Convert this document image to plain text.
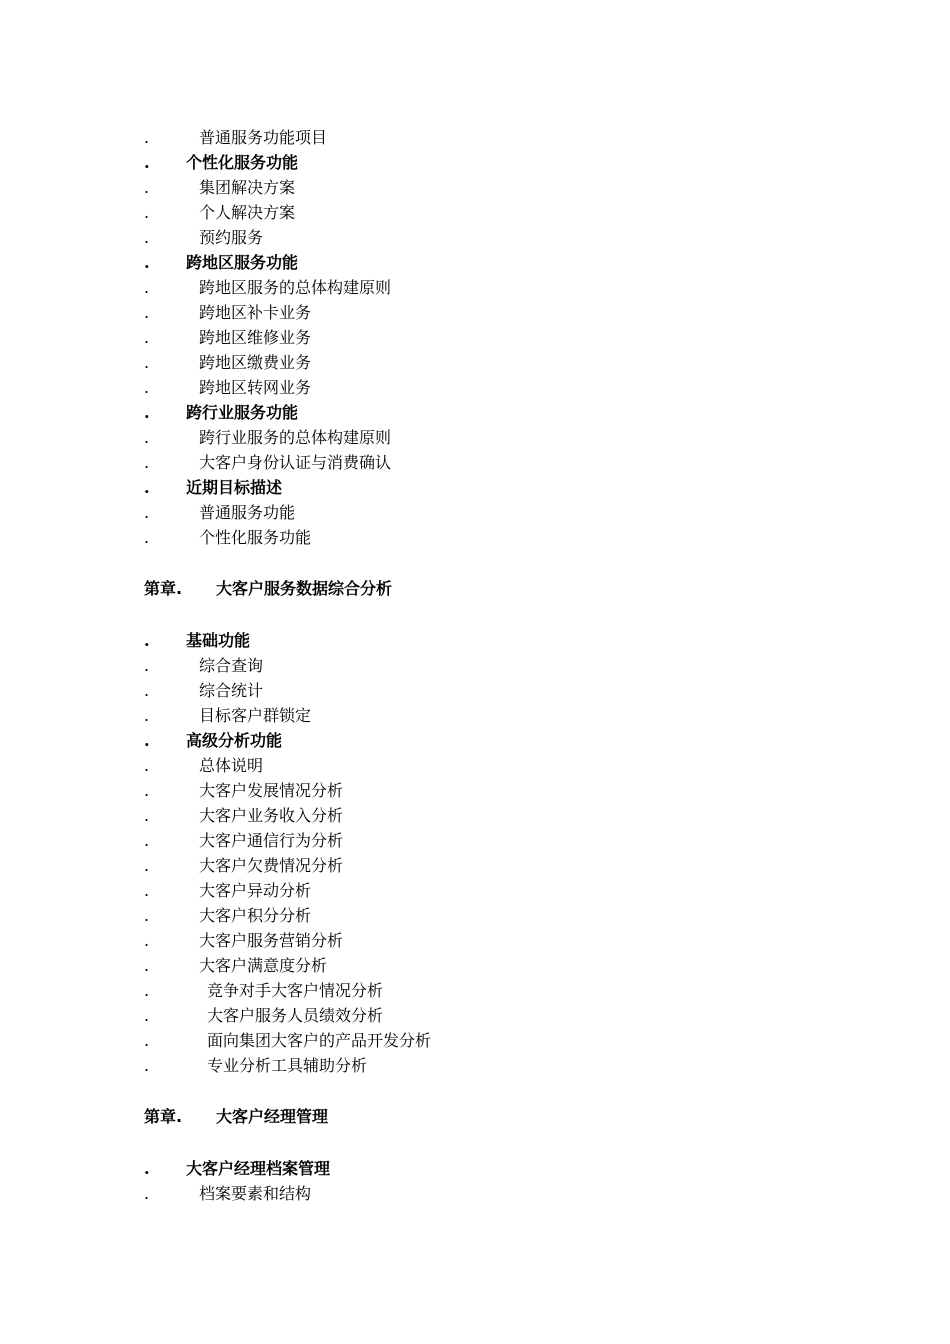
.	普通服务功能项目
. 个性化服务功能
.	集团解决方案
.	个人解决方案
.	预约服务
. 跨地区服务功能
.	跨地区服务的总体构建原则
.	跨地区补卡业务
.	跨地区维修业务
.	跨地区缴费业务
.	跨地区转网业务
. 跨行业服务功能
.	跨行业服务的总体构建原则
.	大客户身份认证与消费确认
. 近期目标描述
.	普通服务功能
.	个性化服务功能
第章. 大客户服务数据综合分析
. 基础功能
.	综合查询
.	综合统计
.	目标客户群锁定
. 高级分析功能
.	总体说明
.	大客户发展情况分析
.	大客户业务收入分析
.	大客户通信行为分析
.	大客户欠费情况分析
.	大客户异动分析
.	大客户积分分析
.	大客户服务营销分析
.	大客户满意度分析
.	竞争对手大客户情况分析
.	大客户服务人员绩效分析
.	面向集团大客户的产品开发分析
.	专业分析工具辅助分析
第章. 大客户经理管理
. 大客户经理档案管理
.	档案要素和结构
